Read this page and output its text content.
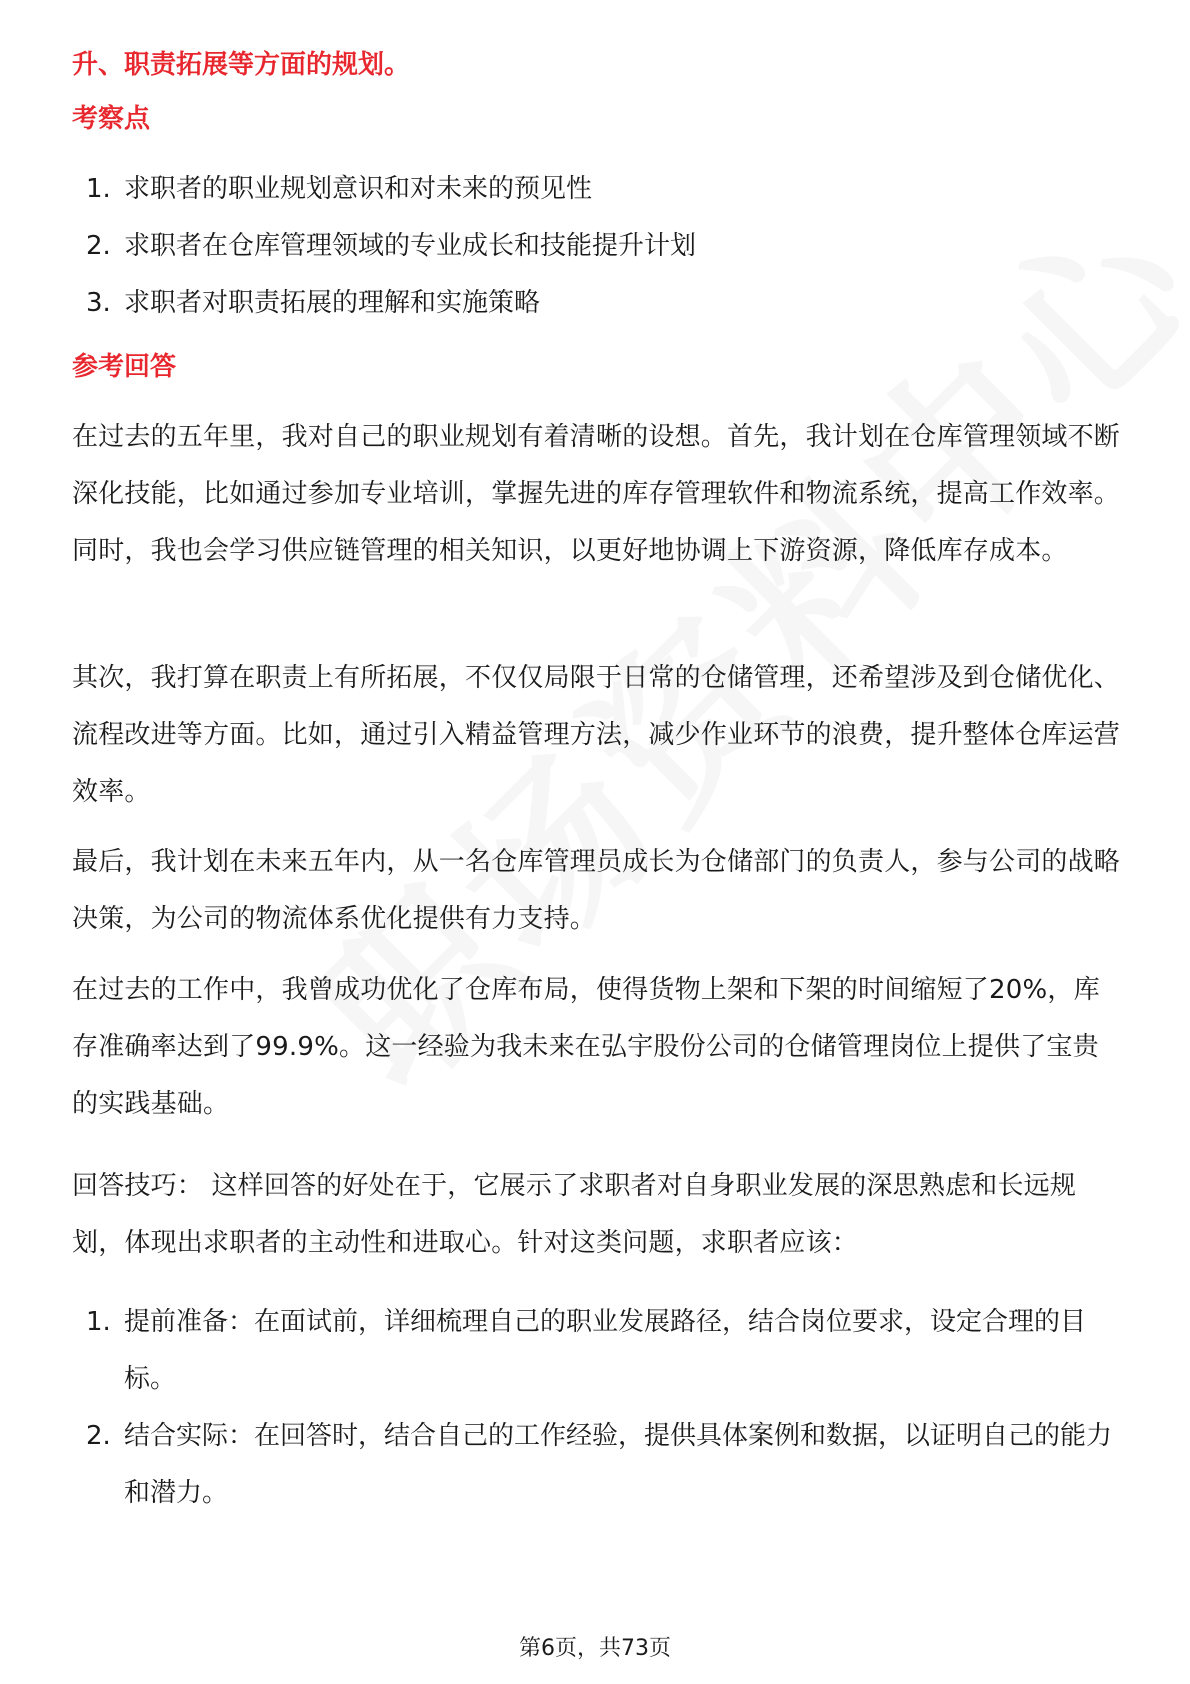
升、职责拓展等方面的规划。
考察点
1. 求职者的职业规划意识和对未来的预见性
2. 求职者在仓库管理领域的专业成长和技能提升计划
3. 求职者对职责拓展的理解和实施策略
参考回答
在过去的五年里，我对自己的职业规划有着清晰的设想。首先，我计划在仓库管理领域不断深化技能，比如通过参加专业培训，掌握先进的库存管理软件和物流系统，提高工作效率。同时，我也会学习供应链管理的相关知识，以更好地协调上下游资源，降低库存成本。
其次，我打算在职责上有所拓展，不仅仅局限于日常的仓储管理，还希望涉及到仓储优化、流程改进等方面。比如，通过引入精益管理方法，减少作业环节的浪费，提升整体仓库运营效率。
最后，我计划在未来五年内，从一名仓库管理员成长为仓储部门的负责人，参与公司的战略决策，为公司的物流体系优化提供有力支持。
在过去的工作中，我曾成功优化了仓库布局，使得货物上架和下架的时间缩短了20%，库存准确率达到了99.9%。这一经验为我未来在弘宇股份公司的仓储管理岗位上提供了宝贵的实践基础。
回答技巧： 这样回答的好处在于，它展示了求职者对自身职业发展的深思熟虑和长远规划，体现出求职者的主动性和进取心。针对这类问题，求职者应该：
1. 提前准备：在面试前，详细梳理自己的职业发展路径，结合岗位要求，设定合理的目标。
2. 结合实际：在回答时，结合自己的工作经验，提供具体案例和数据，以证明自己的能力和潜力。
第6页，共73页
